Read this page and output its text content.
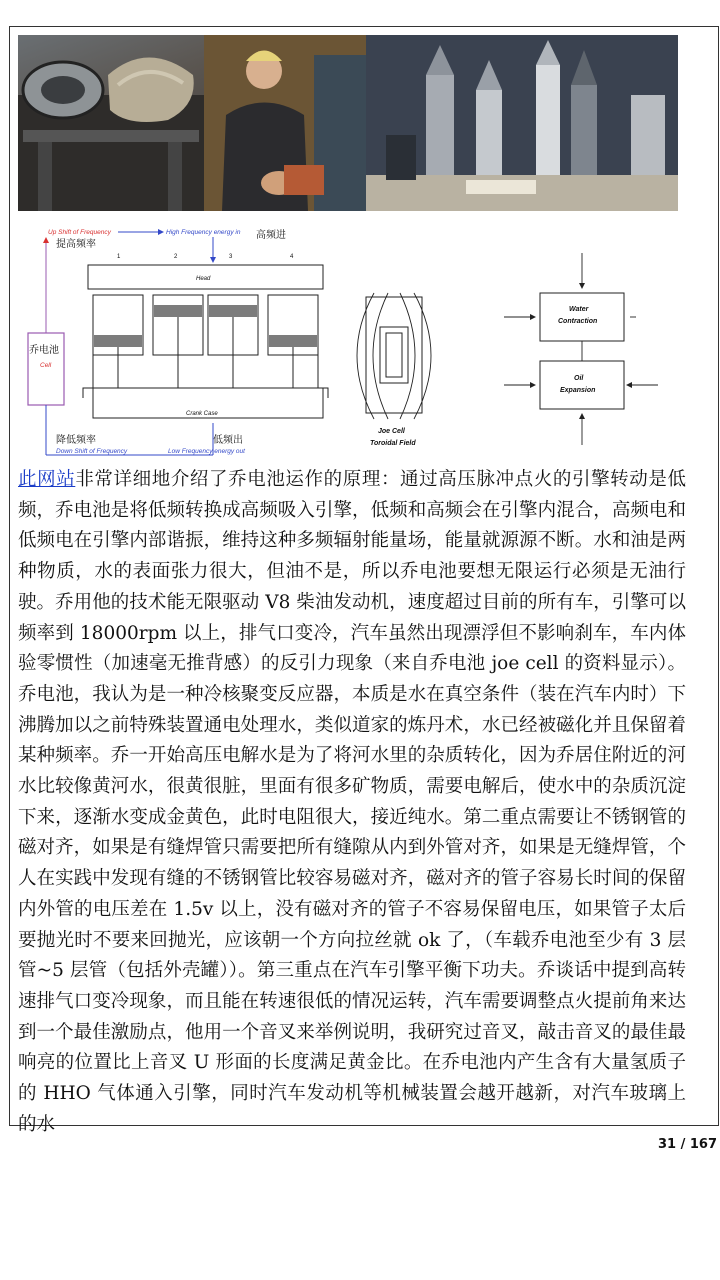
Up Shift of Frequency
提高频率
High Frequency energy in 高频进
1	2	3	4
Head
Crank Case
乔电池
Cell
降低频率
Down Shift of Frequency	Low Frequency energy out
低频出
Joe Cell
Toroidal Field
Water
Contraction
Oil
Expansion
此网站非常详细地介绍了乔电池运作的原理：通过高压脉冲点火的引擎转动是低频，乔电池是将低频转换成高频吸入引擎，低频和高频会在引擎内混合，高频电和低频电在引擎内部谐振，维持这种多频辐射能量场，能量就源源不断。水和油是两种物质，水的表面张力很大，但油不是，所以乔电池要想无限运行必须是无油行驶。乔用他的技术能无限驱动 V8 柴油发动机，速度超过目前的所有车，引擎可以频率到 18000rpm 以上，排气口变冷，汽车虽然出现漂浮但不影响刹车，车内体验零惯性（加速毫无推背感）的反引力现象（来自乔电池 joe cell 的资料显示）。乔电池，我认为是一种冷核聚变反应器，本质是水在真空条件（装在汽车内时）下沸腾加以之前特殊装置通电处理水，类似道家的炼丹术，水已经被磁化并且保留着某种频率。乔一开始高压电解水是为了将河水里的杂质转化，因为乔居住附近的河水比较像黄河水，很黄很脏，里面有很多矿物质，需要电解后，使水中的杂质沉淀下来，逐渐水变成金黄色，此时电阻很大，接近纯水。第二重点需要让不锈钢管的磁对齐，如果是有缝焊管只需要把所有缝隙从内到外管对齐，如果是无缝焊管，个人在实践中发现有缝的不锈钢管比较容易磁对齐，磁对齐的管子容易长时间的保留内外管的电压差在 1.5v 以上，没有磁对齐的管子不容易保留电压，如果管子太后要抛光时不要来回抛光，应该朝一个方向拉丝就 ok 了，（车载乔电池至少有 3 层管~5 层管（包括外壳罐））。第三重点在汽车引擎平衡下功夫。乔谈话中提到高转速排气口变冷现象，而且能在转速很低的情况运转，汽车需要调整点火提前角来达到一个最佳激励点，他用一个音叉来举例说明，我研究过音叉，敲击音叉的最佳最响亮的位置比上音叉 U 形面的长度满足黄金比。在乔电池内产生含有大量氢质子的 HHO 气体通入引擎，同时汽车发动机等机械装置会越开越新，对汽车玻璃上的水
31 / 167
